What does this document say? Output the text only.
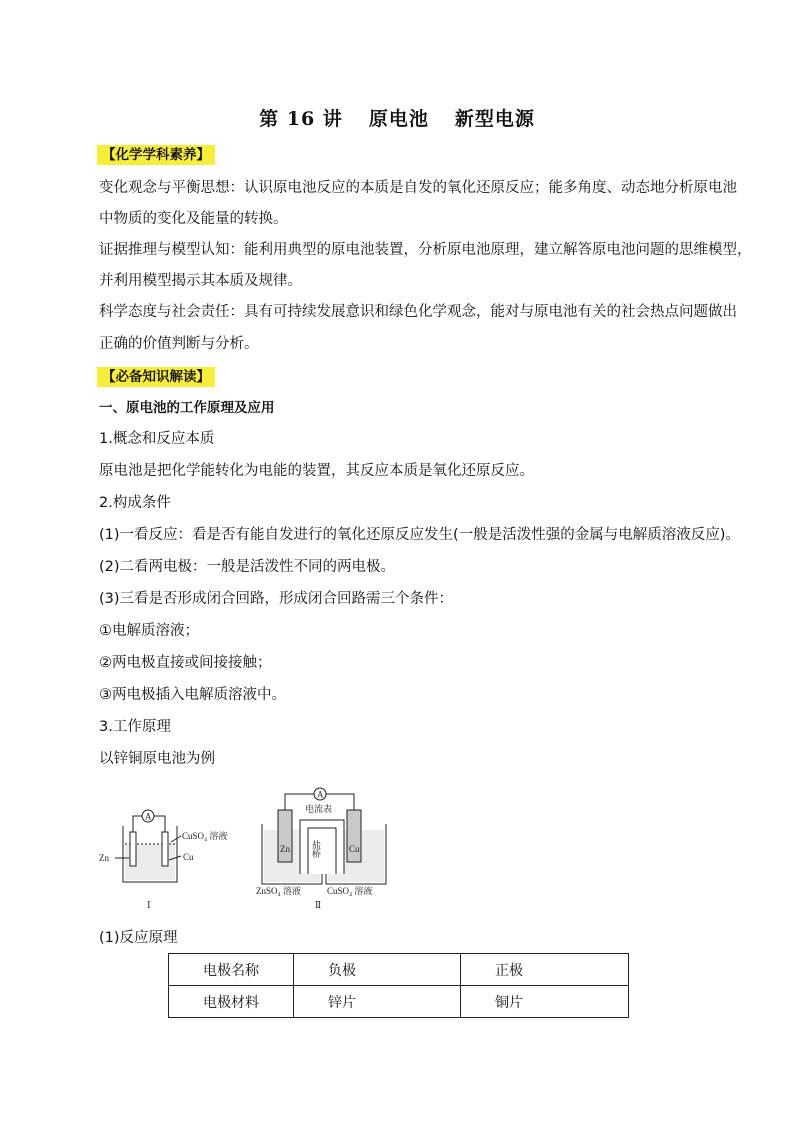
第 16 讲 原电池 新型电源
【化学学科素养】
变化观念与平衡思想：认识原电池反应的本质是自发的氧化还原反应；能多角度、动态地分析原电池
中物质的变化及能量的转换。
证据推理与模型认知：能利用典型的原电池装置，分析原电池原理，建立解答原电池问题的思维模型，
并利用模型揭示其本质及规律。
科学态度与社会责任：具有可持续发展意识和绿色化学观念，能对与原电池有关的社会热点问题做出
正确的价值判断与分析。
【必备知识解读】
一、原电池的工作原理及应用
1.概念和反应本质
原电池是把化学能转化为电能的装置，其反应本质是氧化还原反应。
2.构成条件
(1)一看反应：看是否有能自发进行的氧化还原反应发生(一般是活泼性强的金属与电解质溶液反应)。
(2)二看两电极：一般是活泼性不同的两电极。
(3)三看是否形成闭合回路，形成闭合回路需三个条件：
①电解质溶液；
②两电极直接或间接接触；
③两电极插入电解质溶液中。
3.工作原理
以锌铜原电池为例
A
CuSO₄ 溶液
Cu
Zn
Ⅰ
A
电流表
盐桥
Zn	Cu
ZnSO₄ 溶液	CuSO₄ 溶液
Ⅱ
(1)反应原理
电极名称	负极	正极
电极材料	锌片	铜片
